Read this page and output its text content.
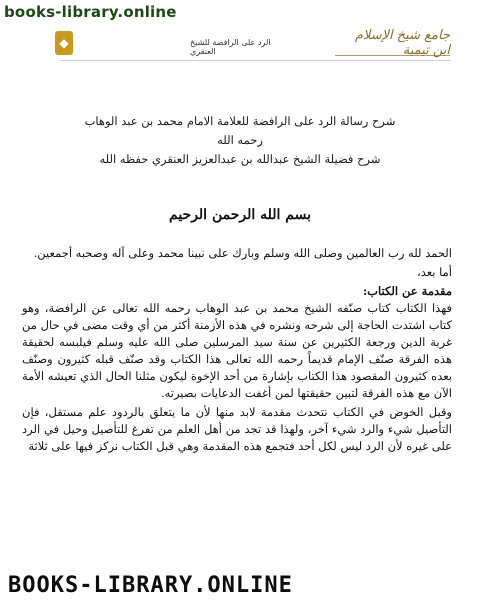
books-library.online
◆
جامع شيخ الإسلام ابن تيمية
الرد على الرافضة للشيخ العنقري
شرح رسالة الرد على الرافضة للعلامة الامام محمد بن عبد الوهاب
رحمه الله
شرح فضيلة الشيخ عبدالله بن عبدالعزيز العنقري حفظه الله
بسم الله الرحمن الرحيم

الحمد لله رب العالمين وصلى الله وسلم وبارك على نبينا محمد وعلى آله وصحبه أجمعين.

أما بعد،

مقدمة عن الكتاب:

فهذا الكتاب كتاب صنّفه الشيخ محمد بن عبد الوهاب رحمه الله تعالى عن الرافضة، وهو كتاب اشتدت الحاجة إلى شرحه ونشره في هذه الأزمنة أكثر من أي وقت مضى في حال من غربة الدين ورجعة الكثيرين عن سنة سيد المرسلين صلى الله عليه وسلم فيلبسه لحقيقة هذه الفرقة صنّف الإمام قديماً رحمه الله تعالى هذا الكتاب وقد صنّف قبله كثيرون وصنّف بعده كثيرون المقصود هذا الكتاب بإشارة من أحد الإخوة ليكون مثلنا الحال الذي تعيشه الأمة الآن مع هذه الفرقة لتبين حقيقتها لمن أغفت الدعايات بصيرته.

وقبل الخوض في الكتاب نتحدث مقدمة لابد منها لأن ما يتعلق بالردود علم مستقل، فإن التأصيل شيء والرد شيء آخر، ولهذا قد تجد من أهل العلم من تفرغ للتأصيل وحيل في الرد على غيره لأن الرد ليس لكل أحد فتجمع هذه المقدمة وهي قبل الكتاب نركز فيها على ثلاثة

BOOKS-LIBRARY.ONLINE
